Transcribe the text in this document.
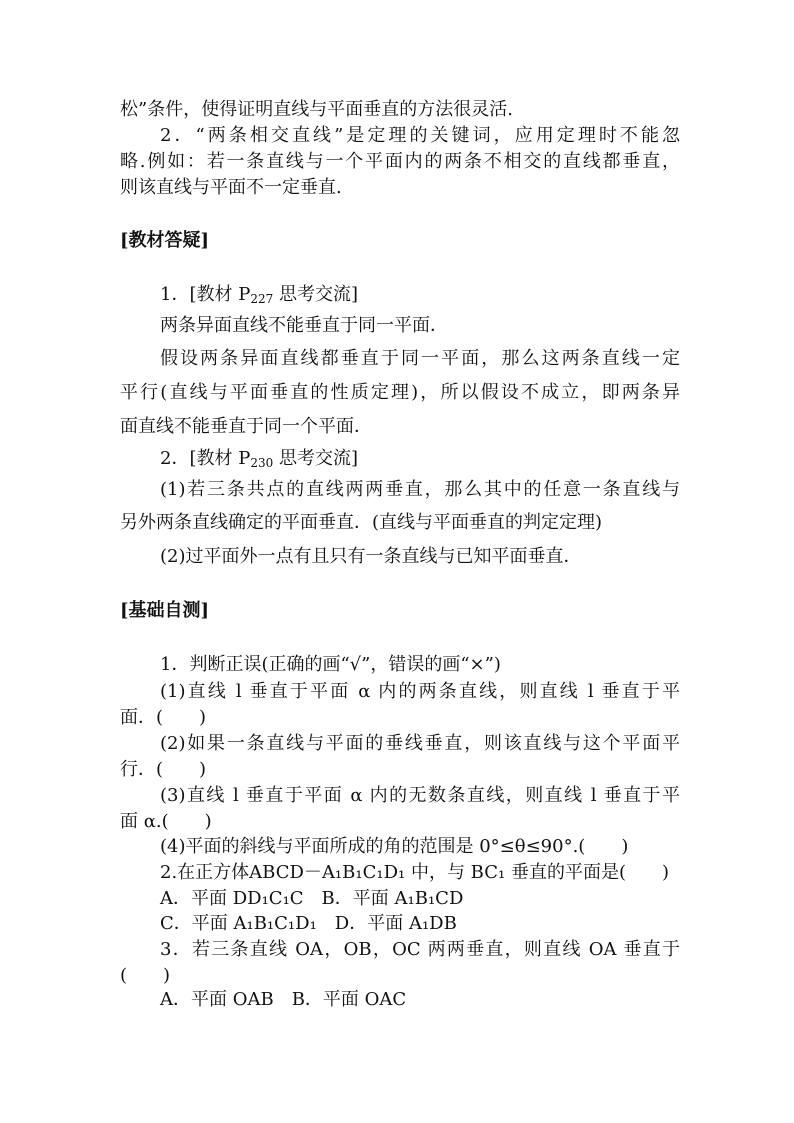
松”条件，使得证明直线与平面垂直的方法很灵活.
2．“两条相交直线”是定理的关键词，应用定理时不能忽
略.例如：若一条直线与一个平面内的两条不相交的直线都垂直，
则该直线与平面不一定垂直.
[教材答疑]
1．[教材 $P_{227}$ 思考交流]
两条异面直线不能垂直于同一平面．
假设两条异面直线都垂直于同一平面，那么这两条直线一定
平行(直线与平面垂直的性质定理)，所以假设不成立，即两条异
面直线不能垂直于同一个平面．
2．[教材 $P_{230}$ 思考交流]
(1)若三条共点的直线两两垂直，那么其中的任意一条直线与
另外两条直线确定的平面垂直．(直线与平面垂直的判定定理)
(2)过平面外一点有且只有一条直线与已知平面垂直．
[基础自测]
1．判断正误(正确的画“√”，错误的画“×”)
(1)直线 l 垂直于平面 α 内的两条直线，则直线 l 垂直于平
面．(　　)
(2)如果一条直线与平面的垂线垂直，则该直线与这个平面平
行．(　　)
(3)直线 l 垂直于平面 α 内的无数条直线，则直线 l 垂直于平
面 α.(　　)
(4)平面的斜线与平面所成的角的范围是 0°≤θ≤90°.(　　)
2.在正方体ABCD－A₁B₁C₁D₁ 中，与 BC₁ 垂直的平面是(　　)
A．平面 DD₁C₁C　B．平面 A₁B₁CD
C．平面 A₁B₁C₁D₁　D．平面 A₁DB
3．若三条直线 OA，OB，OC 两两垂直，则直线 OA 垂直于
(　　)
A．平面 OAB　B．平面 OAC
